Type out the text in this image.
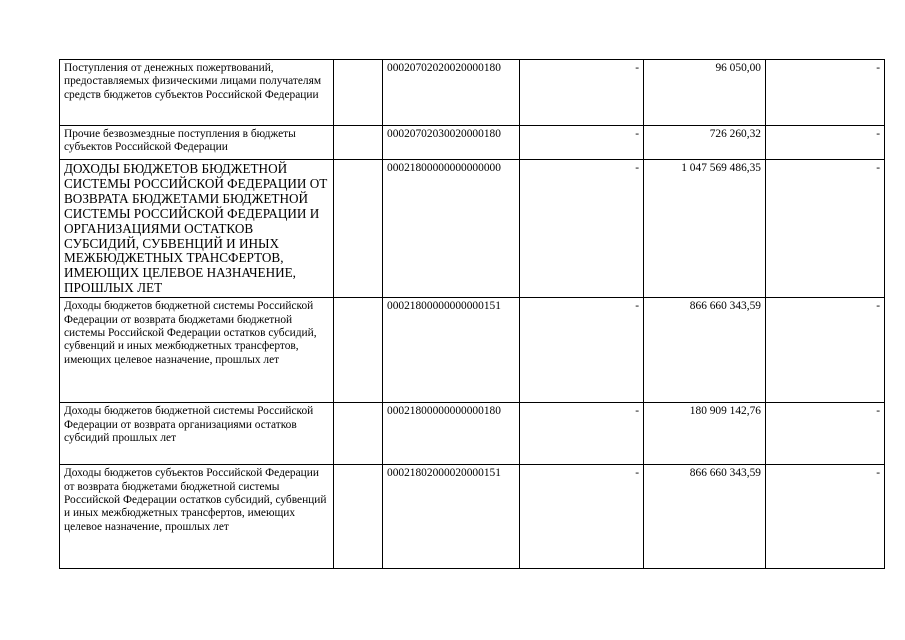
Поступления от денежных пожертвований, предоставляемых физическими лицами получателям средств бюджетов субъектов Российской Федерации		00020702020020000180	-	96 050,00	-
Прочие безвозмездные поступления в бюджеты субъектов Российской Федерации		00020702030020000180	-	726 260,32	-
ДОХОДЫ БЮДЖЕТОВ БЮДЖЕТНОЙ СИСТЕМЫ РОССИЙСКОЙ ФЕДЕРАЦИИ ОТ ВОЗВРАТА БЮДЖЕТАМИ БЮДЖЕТНОЙ СИСТЕМЫ РОССИЙСКОЙ ФЕДЕРАЦИИ И ОРГАНИЗАЦИЯМИ ОСТАТКОВ СУБСИДИЙ, СУБВЕНЦИЙ И ИНЫХ МЕЖБЮДЖЕТНЫХ ТРАНСФЕРТОВ, ИМЕЮЩИХ ЦЕЛЕВОЕ НАЗНАЧЕНИЕ, ПРОШЛЫХ ЛЕТ		00021800000000000000	-	1 047 569 486,35	-
Доходы бюджетов бюджетной системы Российской Федерации от возврата бюджетами бюджетной системы Российской Федерации остатков субсидий, субвенций и иных межбюджетных трансфертов, имеющих целевое назначение, прошлых лет		00021800000000000151	-	866 660 343,59	-
Доходы бюджетов бюджетной системы Российской Федерации от возврата организациями остатков субсидий прошлых лет		00021800000000000180	-	180 909 142,76	-
Доходы бюджетов субъектов Российской Федерации от возврата бюджетами бюджетной системы Российской Федерации остатков субсидий, субвенций и иных межбюджетных трансфертов, имеющих целевое назначение, прошлых лет		00021802000020000151	-	866 660 343,59	-
